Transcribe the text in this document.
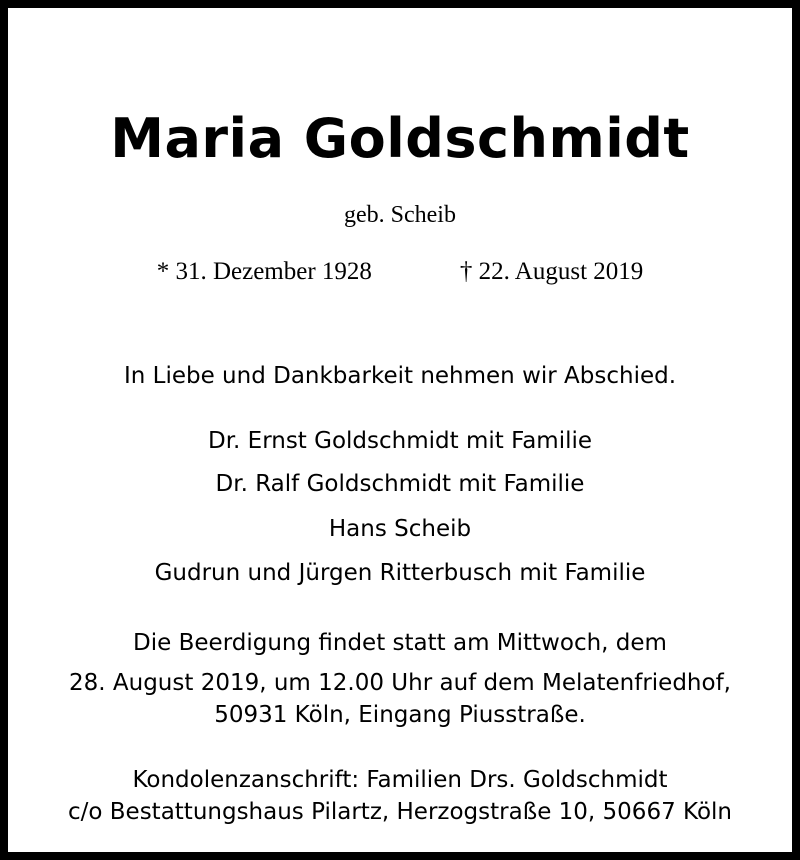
Maria Goldschmidt
geb. Scheib
* 31. Dezember 1928	† 22. August 2019
In Liebe und Dankbarkeit nehmen wir Abschied.
Dr. Ernst Goldschmidt mit Familie
Dr. Ralf Goldschmidt mit Familie
Hans Scheib
Gudrun und Jürgen Ritterbusch mit Familie
Die Beerdigung findet statt am Mittwoch, dem
28. August 2019, um 12.00 Uhr auf dem Melatenfriedhof,
50931 Köln, Eingang Piusstraße.
Kondolenzanschrift: Familien Drs. Goldschmidt
c/o Bestattungshaus Pilartz, Herzogstraße 10, 50667 Köln
